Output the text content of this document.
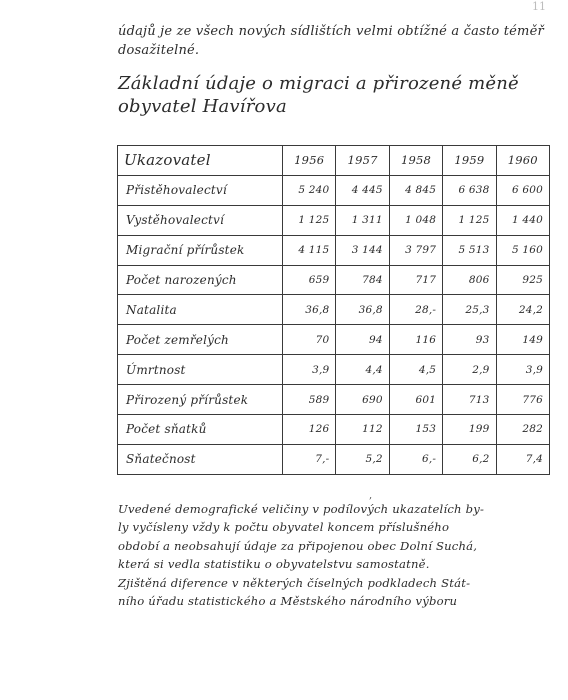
11

údajů je ze všech nových sídlištích velmi obtížné a často téměř dosažitelné.

Základní údaje o migraci a přirozené měně obyvatel Havířova
Ukazovatel	1956	1957	1958	1959	1960
Přistěhovalectví	5 240	4 445	4 845	6 638	6 600
Vystěhovalectví	1 125	1 311	1 048	1 125	1 440
Migrační přírůstek	4 115	3 144	3 797	5 513	5 160
Počet narozených	659	784	717	806	925
Natalita	36,8	36,8	28,-	25,3	24,2
Počet zemřelých	70	94	116	93	149
Úmrtnost	3,9	4,4	4,5	2,9	3,9
Přirozený přírůstek	589	690	601	713	776
Počet sňatků	126	112	153	199	282
Sňatečnost	7,-	5,2	6,-	6,2	7,4
,

Uvedené demografické veličiny v podílových ukazatelích by-
ly vyčísleny vždy k počtu obyvatel koncem příslušného
období a neobsahují údaje za připojenou obec Dolní Suchá,
která si vedla statistiku o obyvatelstvu samostatně.
Zjištěná diference v některých číselných podkladech Stát-
ního úřadu statistického a Městského národního výboru
